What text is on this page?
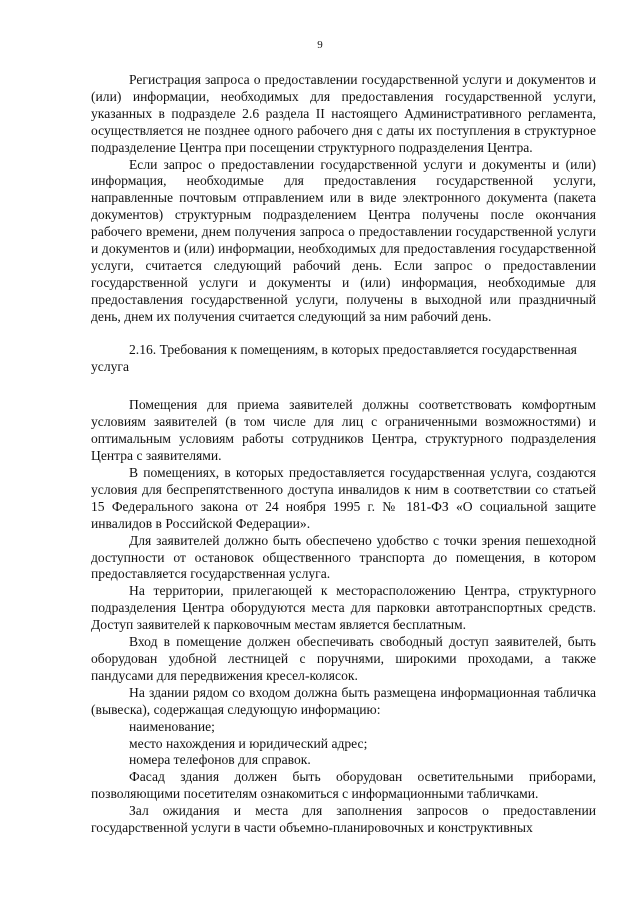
9

Регистрация запроса о предоставлении государственной услуги и документов и (или) информации, необходимых для предоставления государственной услуги, указанных в подразделе 2.6 раздела II настоящего Административного регламента, осуществляется не позднее одного рабочего дня с даты их поступления в структурное подразделение Центра при посещении структурного подразделения Центра.

Если запрос о предоставлении государственной услуги и документы и (или) информация, необходимые для предоставления государственной услуги, направленные почтовым отправлением или в виде электронного документа (пакета документов) структурным подразделением Центра получены после окончания рабочего времени, днем получения запроса о предоставлении государственной услуги и документов и (или) информации, необходимых для предоставления государственной услуги, считается следующий рабочий день. Если запрос о предоставлении государственной услуги и документы и (или) информация, необходимые для предоставления государственной услуги, получены в выходной или праздничный день, днем их получения считается следующий за ним рабочий день.

2.16. Требования к помещениям, в которых предоставляется государственная услуга

Помещения для приема заявителей должны соответствовать комфортным условиям заявителей (в том числе для лиц с ограниченными возможностями) и оптимальным условиям работы сотрудников Центра, структурного подразделения Центра с заявителями.

В помещениях, в которых предоставляется государственная услуга, создаются условия для беспрепятственного доступа инвалидов к ним в соответствии со статьей 15 Федерального закона от 24 ноября 1995 г. № 181-ФЗ «О социальной защите инвалидов в Российской Федерации».

Для заявителей должно быть обеспечено удобство с точки зрения пешеходной доступности от остановок общественного транспорта до помещения, в котором предоставляется государственная услуга.

На территории, прилегающей к месторасположению Центра, структурного подразделения Центра оборудуются места для парковки автотранспортных средств. Доступ заявителей к парковочным местам является бесплатным.

Вход в помещение должен обеспечивать свободный доступ заявителей, быть оборудован удобной лестницей с поручнями, широкими проходами, а также пандусами для передвижения кресел-колясок.

На здании рядом со входом должна быть размещена информационная табличка (вывеска), содержащая следующую информацию:

наименование;

место нахождения и юридический адрес;

номера телефонов для справок.

Фасад здания должен быть оборудован осветительными приборами, позволяющими посетителям ознакомиться с информационными табличками.

Зал ожидания и места для заполнения запросов о предоставлении государственной услуги в части объемно-планировочных и конструктивных
